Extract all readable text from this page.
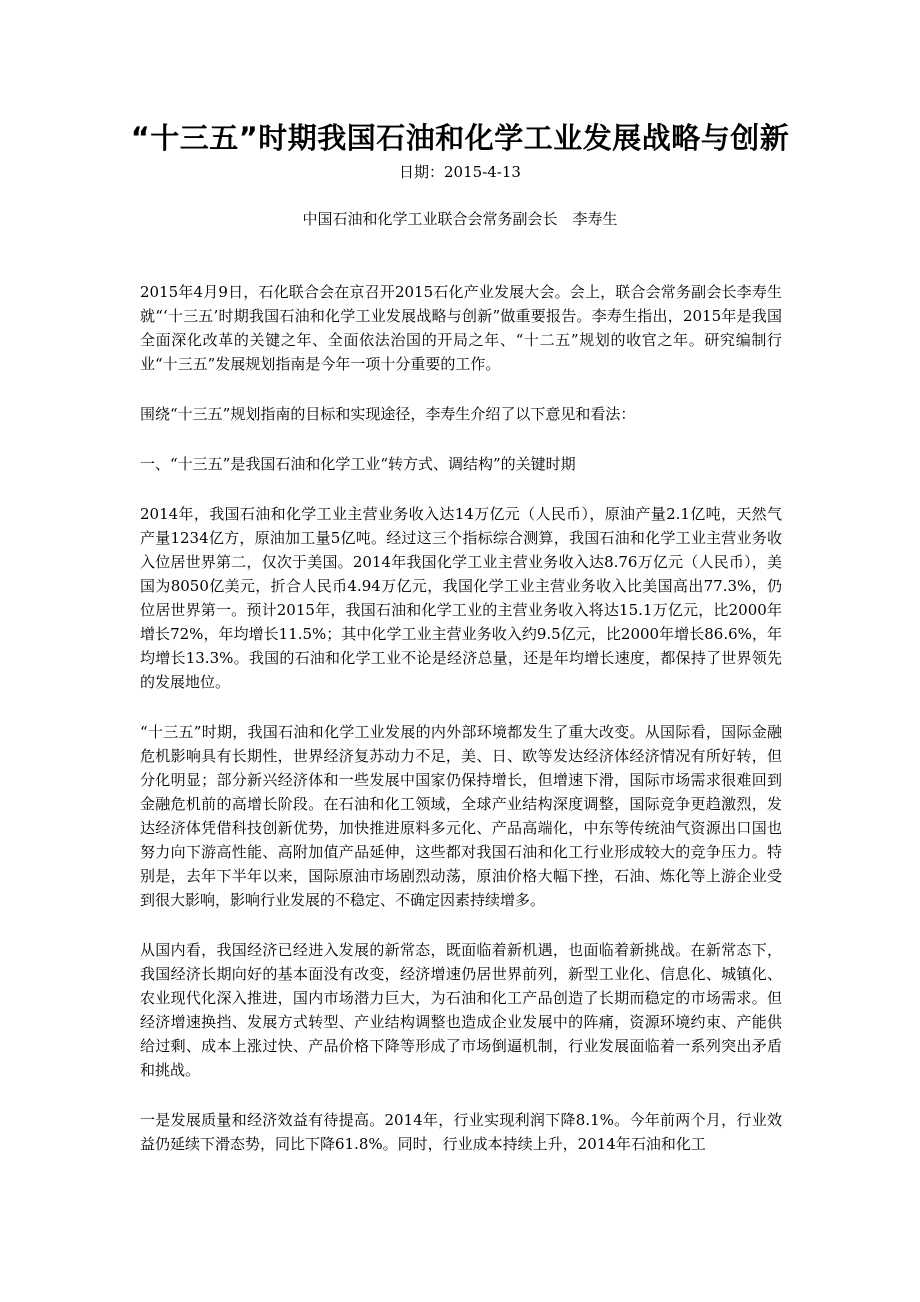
“十三五”时期我国石油和化学工业发展战略与创新
日期：2015-4-13
中国石油和化学工业联合会常务副会长　李寿生

2015年4月9日，石化联合会在京召开2015石化产业发展大会。会上，联合会常务副会长李寿生就“‘十三五’时期我国石油和化学工业发展战略与创新”做重要报告。李寿生指出，2015年是我国全面深化改革的关键之年、全面依法治国的开局之年、“十二五”规划的收官之年。研究编制行业“十三五”发展规划指南是今年一项十分重要的工作。

围绕“十三五”规划指南的目标和实现途径，李寿生介绍了以下意见和看法：

一、“十三五”是我国石油和化学工业“转方式、调结构”的关键时期

2014年，我国石油和化学工业主营业务收入达14万亿元（人民币），原油产量2.1亿吨，天然气产量1234亿方，原油加工量5亿吨。经过这三个指标综合测算，我国石油和化学工业主营业务收入位居世界第二，仅次于美国。2014年我国化学工业主营业务收入达8.76万亿元（人民币），美国为8050亿美元，折合人民币4.94万亿元，我国化学工业主营业务收入比美国高出77.3%，仍位居世界第一。预计2015年，我国石油和化学工业的主营业务收入将达15.1万亿元，比2000年增长72%，年均增长11.5%；其中化学工业主营业务收入约9.5亿元，比2000年增长86.6%，年均增长13.3%。我国的石油和化学工业不论是经济总量，还是年均增长速度，都保持了世界领先的发展地位。

“十三五”时期，我国石油和化学工业发展的内外部环境都发生了重大改变。从国际看，国际金融危机影响具有长期性，世界经济复苏动力不足，美、日、欧等发达经济体经济情况有所好转，但分化明显；部分新兴经济体和一些发展中国家仍保持增长，但增速下滑，国际市场需求很难回到金融危机前的高增长阶段。在石油和化工领域，全球产业结构深度调整，国际竞争更趋激烈，发达经济体凭借科技创新优势，加快推进原料多元化、产品高端化，中东等传统油气资源出口国也努力向下游高性能、高附加值产品延伸，这些都对我国石油和化工行业形成较大的竞争压力。特别是，去年下半年以来，国际原油市场剧烈动荡，原油价格大幅下挫，石油、炼化等上游企业受到很大影响，影响行业发展的不稳定、不确定因素持续增多。

从国内看，我国经济已经进入发展的新常态，既面临着新机遇，也面临着新挑战。在新常态下，我国经济长期向好的基本面没有改变，经济增速仍居世界前列，新型工业化、信息化、城镇化、农业现代化深入推进，国内市场潜力巨大，为石油和化工产品创造了长期而稳定的市场需求。但经济增速换挡、发展方式转型、产业结构调整也造成企业发展中的阵痛，资源环境约束、产能供给过剩、成本上涨过快、产品价格下降等形成了市场倒逼机制，行业发展面临着一系列突出矛盾和挑战。

一是发展质量和经济效益有待提高。2014年，行业实现利润下降8.1%。今年前两个月，行业效益仍延续下滑态势，同比下降61.8%。同时，行业成本持续上升，2014年石油和化工
